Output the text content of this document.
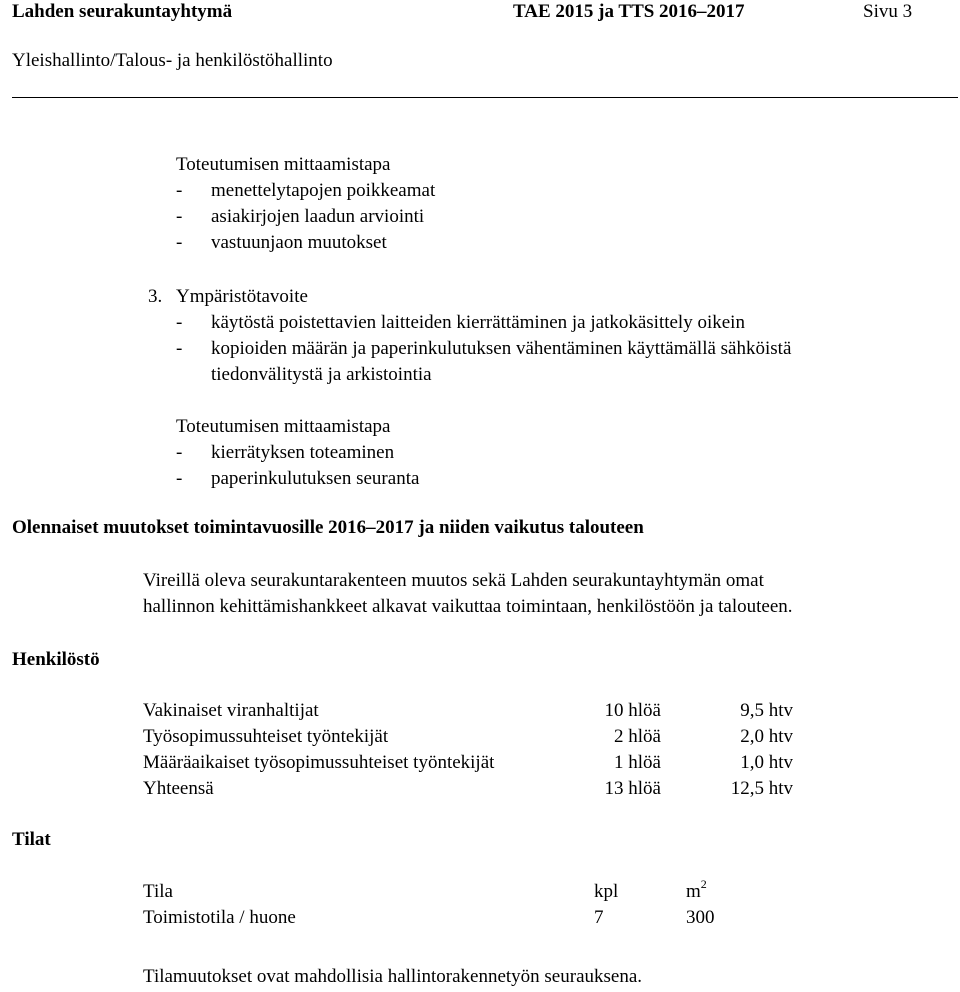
Lahden seurakuntayhtymä	TAE 2015 ja TTS 2016–2017	Sivu 3
Yleishallinto/Talous- ja henkilöstöhallinto
Toteutumisen mittaamistapa
- menettelytapojen poikkeamat
- asiakirjojen laadun arviointi
- vastuunjaon muutokset
3. Ympäristötavoite
- käytöstä poistettavien laitteiden kierrättäminen ja jatkokäsittely oikein
- kopioiden määrän ja paperinkulutuksen vähentäminen käyttämällä sähköistä
tiedonvälitystä ja arkistointia
Toteutumisen mittaamistapa
- kierrätyksen toteaminen
- paperinkulutuksen seuranta
Olennaiset muutokset toimintavuosille 2016‒2017 ja niiden vaikutus talouteen
Vireillä oleva seurakuntarakenteen muutos sekä Lahden seurakuntayhtymän omat
hallinnon kehittämishankkeet alkavat vaikuttaa toimintaan, henkilöstöön ja talouteen.
Henkilöstö
Vakinaiset viranhaltijat	10 hlöä	9,5 htv
Työsopimussuhteiset työntekijät	2 hlöä	2,0 htv
Määräaikaiset työsopimussuhteiset työntekijät	1 hlöä	1,0 htv
Yhteensä	13 hlöä	12,5 htv
Tilat
Tila	kpl	$m^2$
Toimistotila / huone	7	300
Tilamuutokset ovat mahdollisia hallintorakennetyön seurauksena.
